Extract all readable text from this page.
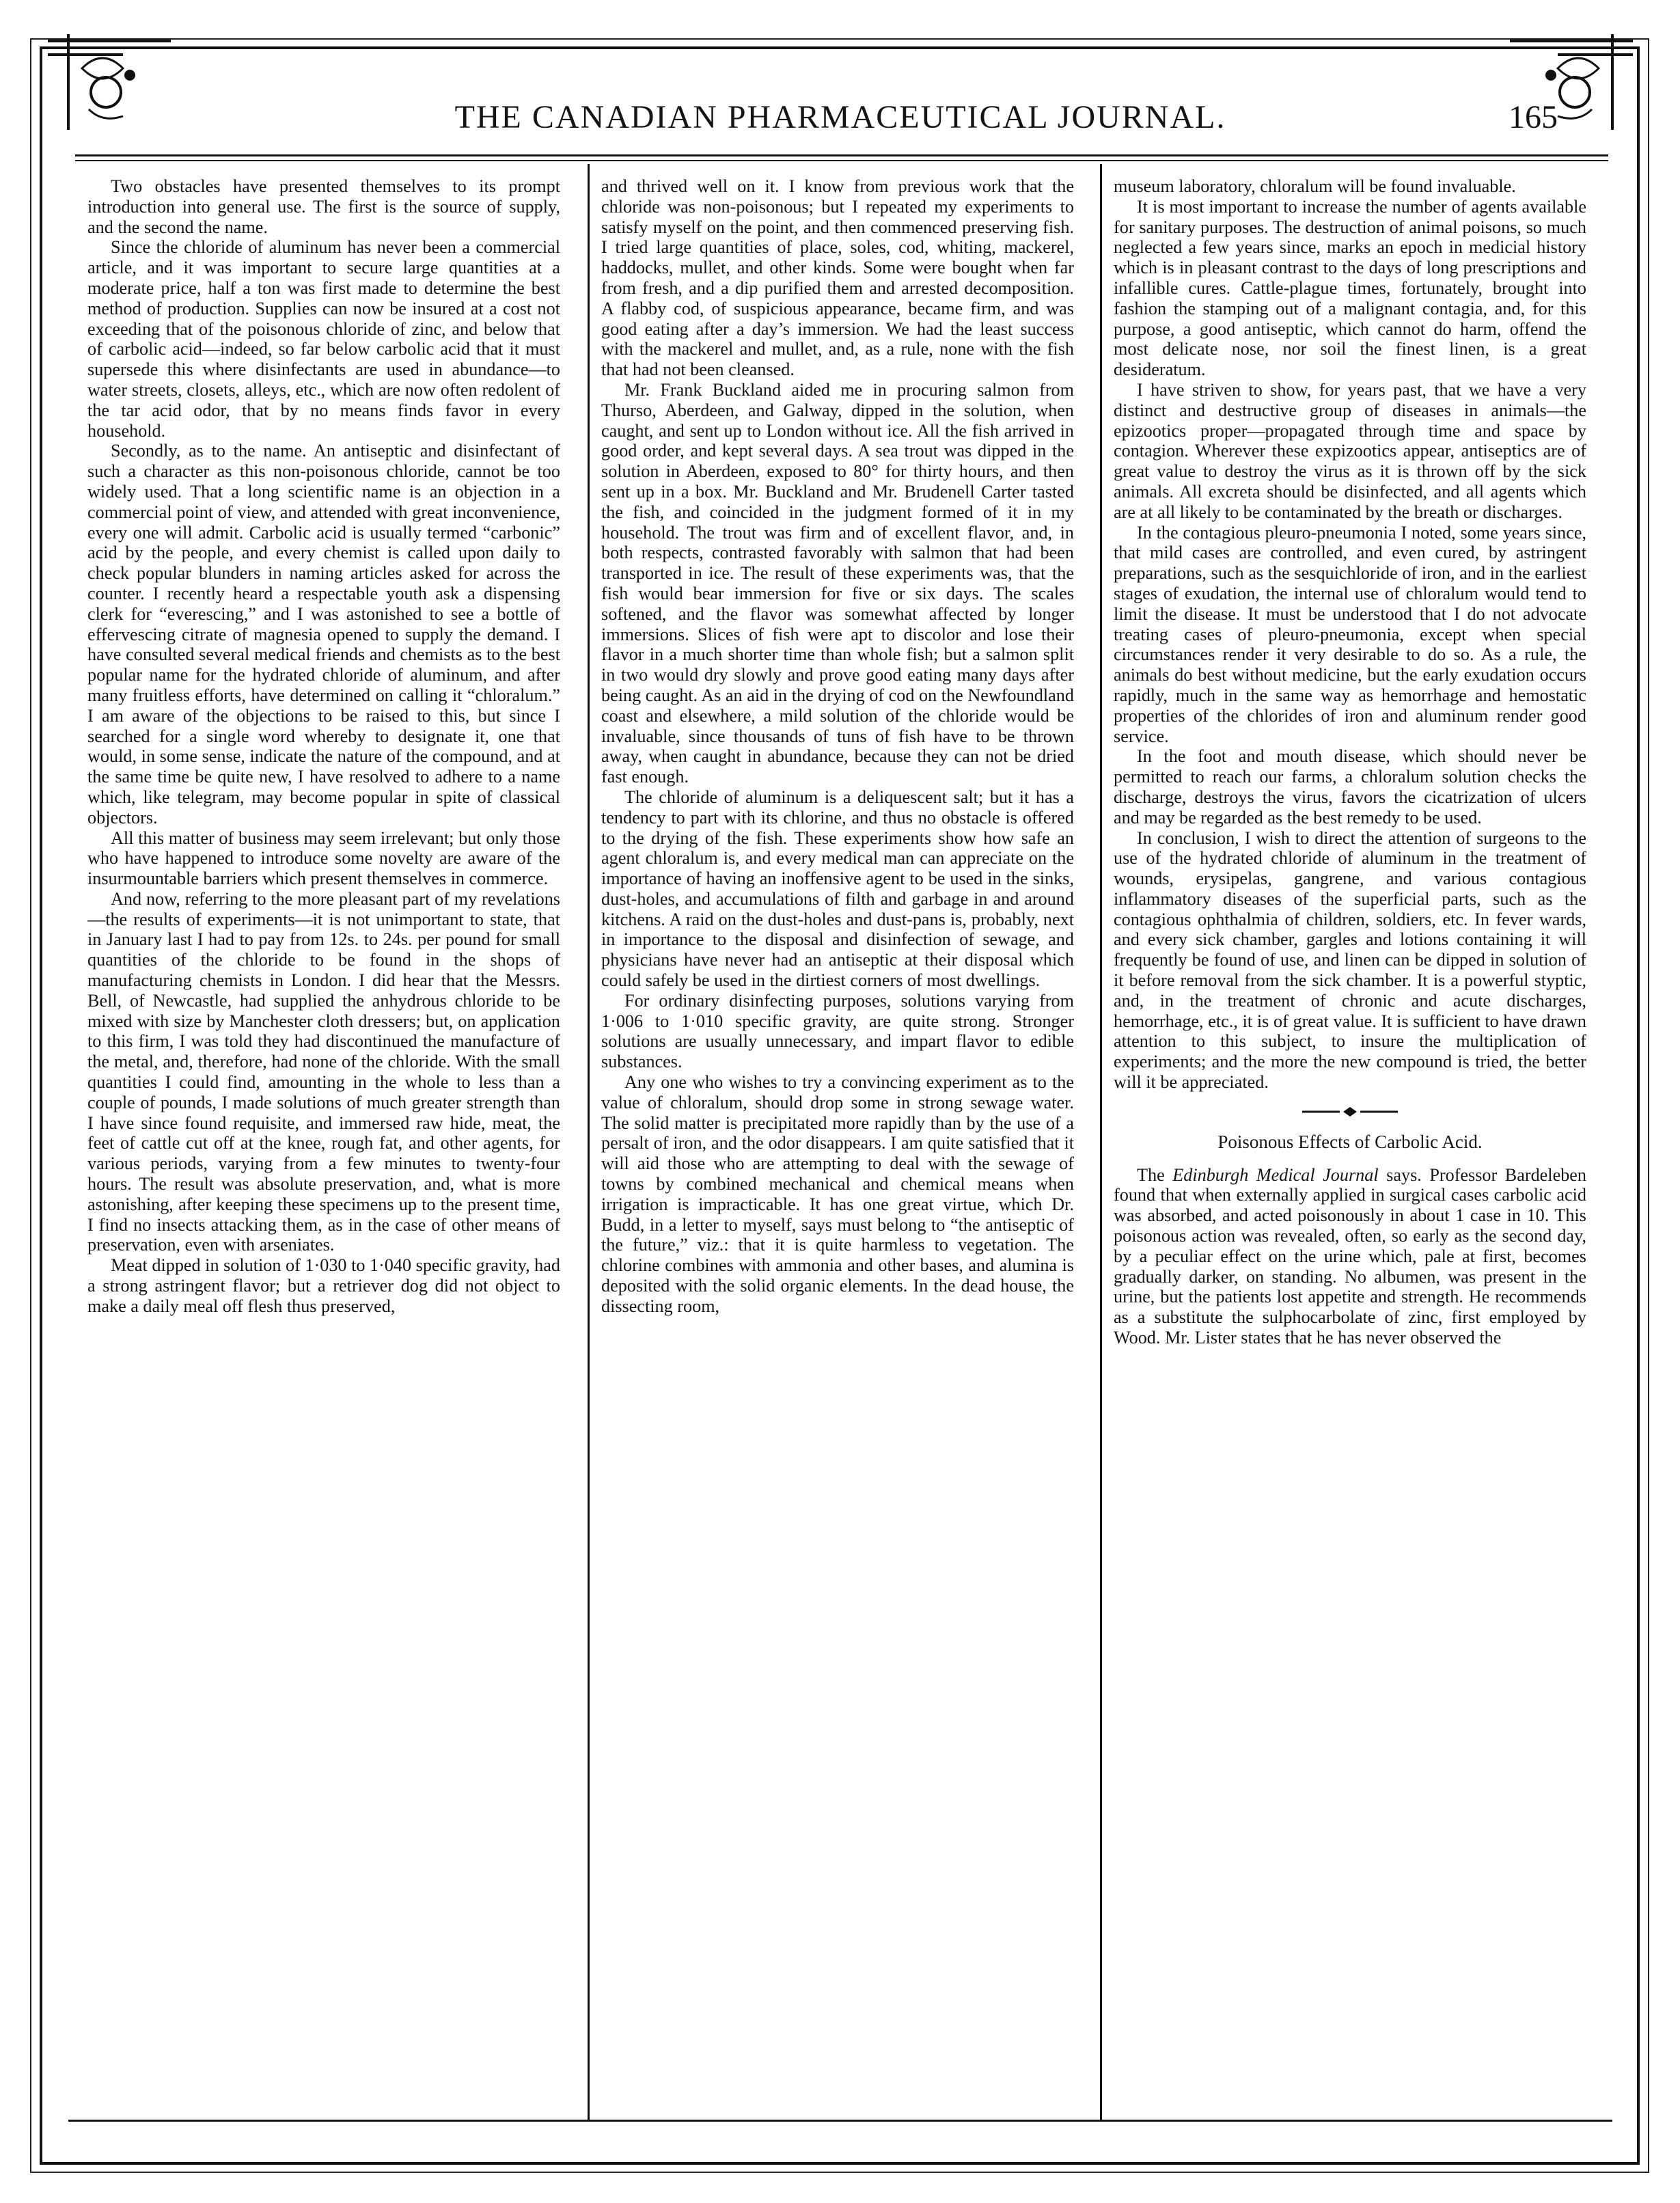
THE CANADIAN PHARMACEUTICAL JOURNAL.	165

Two obstacles have presented themselves to its prompt introduction into general use. The first is the source of supply, and the second the name.

Since the chloride of aluminum has never been a commercial article, and it was important to secure large quantities at a moderate price, half a ton was first made to determine the best method of production. Supplies can now be insured at a cost not exceeding that of the poisonous chloride of zinc, and below that of carbolic acid—indeed, so far below carbolic acid that it must supersede this where disinfectants are used in abundance—to water streets, closets, alleys, etc., which are now often redolent of the tar acid odor, that by no means finds favor in every household.

Secondly, as to the name. An antiseptic and disinfectant of such a character as this non-poisonous chloride, cannot be too widely used. That a long scientific name is an objection in a commercial point of view, and attended with great inconvenience, every one will admit. Carbolic acid is usually termed “carbonic” acid by the people, and every chemist is called upon daily to check popular blunders in naming articles asked for across the counter. I recently heard a respectable youth ask a dispensing clerk for “everescing,” and I was astonished to see a bottle of effervescing citrate of magnesia opened to supply the demand. I have consulted several medical friends and chemists as to the best popular name for the hydrated chloride of aluminum, and after many fruitless efforts, have determined on calling it “chloralum.” I am aware of the objections to be raised to this, but since I searched for a single word whereby to designate it, one that would, in some sense, indicate the nature of the compound, and at the same time be quite new, I have resolved to adhere to a name which, like telegram, may become popular in spite of classical objectors.

All this matter of business may seem irrelevant; but only those who have happened to introduce some novelty are aware of the insurmountable barriers which present themselves in commerce.

And now, referring to the more pleasant part of my revelations—the results of experiments—it is not unimportant to state, that in January last I had to pay from 12s. to 24s. per pound for small quantities of the chloride to be found in the shops of manufacturing chemists in London. I did hear that the Messrs. Bell, of Newcastle, had supplied the anhydrous chloride to be mixed with size by Manchester cloth dressers; but, on application to this firm, I was told they had discontinued the manufacture of the metal, and, therefore, had none of the chloride. With the small quantities I could find, amounting in the whole to less than a couple of pounds, I made solutions of much greater strength than I have since found requisite, and immersed raw hide, meat, the feet of cattle cut off at the knee, rough fat, and other agents, for various periods, varying from a few minutes to twenty-four hours. The result was absolute preservation, and, what is more astonishing, after keeping these specimens up to the present time, I find no insects attacking them, as in the case of other means of preservation, even with arseniates.

Meat dipped in solution of 1·030 to 1·040 specific gravity, had a strong astringent flavor; but a retriever dog did not object to make a daily meal off flesh thus preserved,

and thrived well on it. I know from previous work that the chloride was non-poisonous; but I repeated my experiments to satisfy myself on the point, and then commenced preserving fish. I tried large quantities of place, soles, cod, whiting, mackerel, haddocks, mullet, and other kinds. Some were bought when far from fresh, and a dip purified them and arrested decomposition. A flabby cod, of suspicious appearance, became firm, and was good eating after a day’s immersion. We had the least success with the mackerel and mullet, and, as a rule, none with the fish that had not been cleansed.

Mr. Frank Buckland aided me in procuring salmon from Thurso, Aberdeen, and Galway, dipped in the solution, when caught, and sent up to London without ice. All the fish arrived in good order, and kept several days. A sea trout was dipped in the solution in Aberdeen, exposed to 80° for thirty hours, and then sent up in a box. Mr. Buckland and Mr. Brudenell Carter tasted the fish, and coincided in the judgment formed of it in my household. The trout was firm and of excellent flavor, and, in both respects, contrasted favorably with salmon that had been transported in ice. The result of these experiments was, that the fish would bear immersion for five or six days. The scales softened, and the flavor was somewhat affected by longer immersions. Slices of fish were apt to discolor and lose their flavor in a much shorter time than whole fish; but a salmon split in two would dry slowly and prove good eating many days after being caught. As an aid in the drying of cod on the Newfoundland coast and elsewhere, a mild solution of the chloride would be invaluable, since thousands of tuns of fish have to be thrown away, when caught in abundance, because they can not be dried fast enough.

The chloride of aluminum is a deliquescent salt; but it has a tendency to part with its chlorine, and thus no obstacle is offered to the drying of the fish. These experiments show how safe an agent chloralum is, and every medical man can appreciate on the importance of having an inoffensive agent to be used in the sinks, dust-holes, and accumulations of filth and garbage in and around kitchens. A raid on the dust-holes and dust-pans is, probably, next in importance to the disposal and disinfection of sewage, and physicians have never had an antiseptic at their disposal which could safely be used in the dirtiest corners of most dwellings.

For ordinary disinfecting purposes, solutions varying from 1·006 to 1·010 specific gravity, are quite strong. Stronger solutions are usually unnecessary, and impart flavor to edible substances.

Any one who wishes to try a convincing experiment as to the value of chloralum, should drop some in strong sewage water. The solid matter is precipitated more rapidly than by the use of a persalt of iron, and the odor disappears. I am quite satisfied that it will aid those who are attempting to deal with the sewage of towns by combined mechanical and chemical means when irrigation is impracticable. It has one great virtue, which Dr. Budd, in a letter to myself, says must belong to “the antiseptic of the future,” viz.: that it is quite harmless to vegetation. The chlorine combines with ammonia and other bases, and alumina is deposited with the solid organic elements. In the dead house, the dissecting room,

museum laboratory, chloralum will be found invaluable.

It is most important to increase the number of agents available for sanitary purposes. The destruction of animal poisons, so much neglected a few years since, marks an epoch in medicial history which is in pleasant contrast to the days of long prescriptions and infallible cures. Cattle-plague times, fortunately, brought into fashion the stamping out of a malignant contagia, and, for this purpose, a good antiseptic, which cannot do harm, offend the most delicate nose, nor soil the finest linen, is a great desideratum.

I have striven to show, for years past, that we have a very distinct and destructive group of diseases in animals—the epizootics proper—propagated through time and space by contagion. Wherever these expizootics appear, antiseptics are of great value to destroy the virus as it is thrown off by the sick animals. All excreta should be disinfected, and all agents which are at all likely to be contaminated by the breath or discharges.

In the contagious pleuro-pneumonia I noted, some years since, that mild cases are controlled, and even cured, by astringent preparations, such as the sesquichloride of iron, and in the earliest stages of exudation, the internal use of chloralum would tend to limit the disease. It must be understood that I do not advocate treating cases of pleuro-pneumonia, except when special circumstances render it very desirable to do so. As a rule, the animals do best without medicine, but the early exudation occurs rapidly, much in the same way as hemorrhage and hemostatic properties of the chlorides of iron and aluminum render good service.

In the foot and mouth disease, which should never be permitted to reach our farms, a chloralum solution checks the discharge, destroys the virus, favors the cicatrization of ulcers and may be regarded as the best remedy to be used.

In conclusion, I wish to direct the attention of surgeons to the use of the hydrated chloride of aluminum in the treatment of wounds, erysipelas, gangrene, and various contagious inflammatory diseases of the superficial parts, such as the contagious ophthalmia of children, soldiers, etc. In fever wards, and every sick chamber, gargles and lotions containing it will frequently be found of use, and linen can be dipped in solution of it before removal from the sick chamber. It is a powerful styptic, and, in the treatment of chronic and acute discharges, hemorrhage, etc., it is of great value. It is sufficient to have drawn attention to this subject, to insure the multiplication of experiments; and the more the new compound is tried, the better will it be appreciated.

Poisonous Effects of Carbolic Acid.

The Edinburgh Medical Journal says. Professor Bardeleben found that when externally applied in surgical cases carbolic acid was absorbed, and acted poisonously in about 1 case in 10. This poisonous action was revealed, often, so early as the second day, by a peculiar effect on the urine which, pale at first, becomes gradually darker, on standing. No albumen, was present in the urine, but the patients lost appetite and strength. He recommends as a substitute the sulphocarbolate of zinc, first employed by Wood. Mr. Lister states that he has never observed the
